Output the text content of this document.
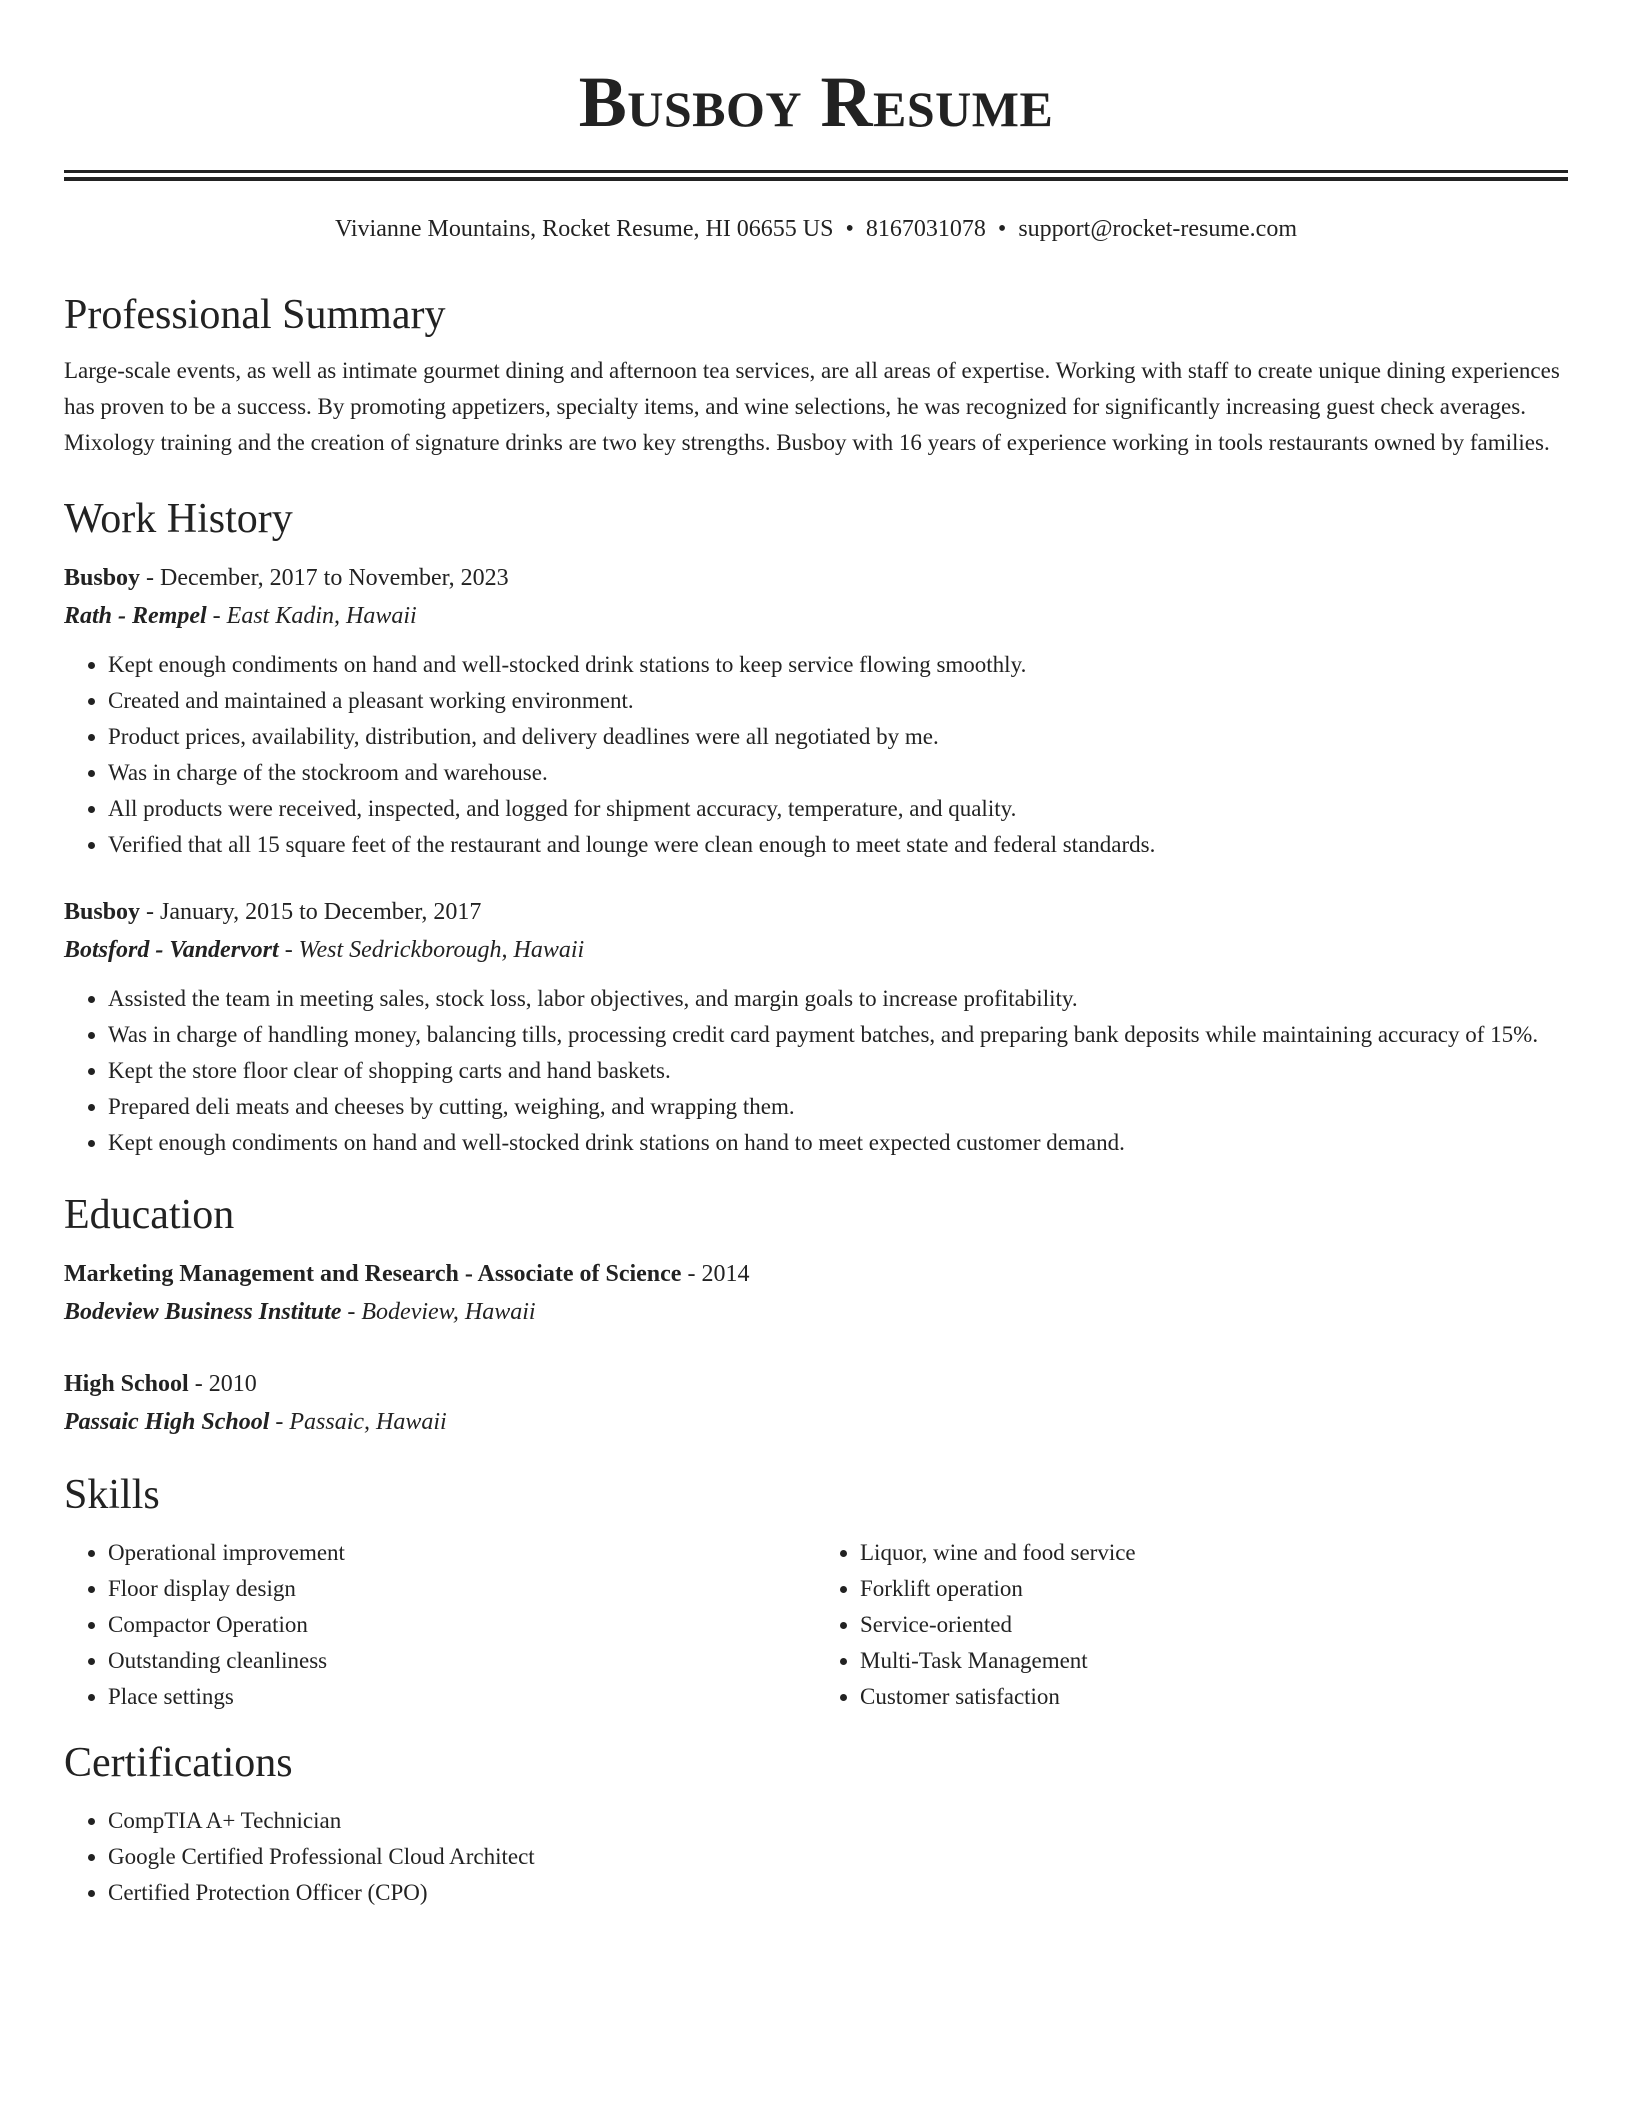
Busboy Resume
Vivianne Mountains, Rocket Resume, HI 06655 US • 8167031078 • support@rocket-resume.com
Professional Summary

Large-scale events, as well as intimate gourmet dining and afternoon tea services, are all areas of expertise. Working with staff to create unique dining experiences has proven to be a success. By promoting appetizers, specialty items, and wine selections, he was recognized for significantly increasing guest check averages. Mixology training and the creation of signature drinks are two key strengths. Busboy with 16 years of experience working in tools restaurants owned by families.

Work History
Busboy - December, 2017 to November, 2023
Rath - Rempel - East Kadin, Hawaii
• Kept enough condiments on hand and well-stocked drink stations to keep service flowing smoothly.
• Created and maintained a pleasant working environment.
• Product prices, availability, distribution, and delivery deadlines were all negotiated by me.
• Was in charge of the stockroom and warehouse.
• All products were received, inspected, and logged for shipment accuracy, temperature, and quality.
• Verified that all 15 square feet of the restaurant and lounge were clean enough to meet state and federal standards.
Busboy - January, 2015 to December, 2017
Botsford - Vandervort - West Sedrickborough, Hawaii
• Assisted the team in meeting sales, stock loss, labor objectives, and margin goals to increase profitability.
• Was in charge of handling money, balancing tills, processing credit card payment batches, and preparing bank deposits while maintaining accuracy of 15%.
• Kept the store floor clear of shopping carts and hand baskets.
• Prepared deli meats and cheeses by cutting, weighing, and wrapping them.
• Kept enough condiments on hand and well-stocked drink stations on hand to meet expected customer demand.
Education
Marketing Management and Research - Associate of Science - 2014
Bodeview Business Institute - Bodeview, Hawaii
High School - 2010
Passaic High School - Passaic, Hawaii
Skills
• Operational improvement
• Floor display design
• Compactor Operation
• Outstanding cleanliness
• Place settings
• Liquor, wine and food service
• Forklift operation
• Service-oriented
• Multi-Task Management
• Customer satisfaction
Certifications
• CompTIA A+ Technician
• Google Certified Professional Cloud Architect
• Certified Protection Officer (CPO)
